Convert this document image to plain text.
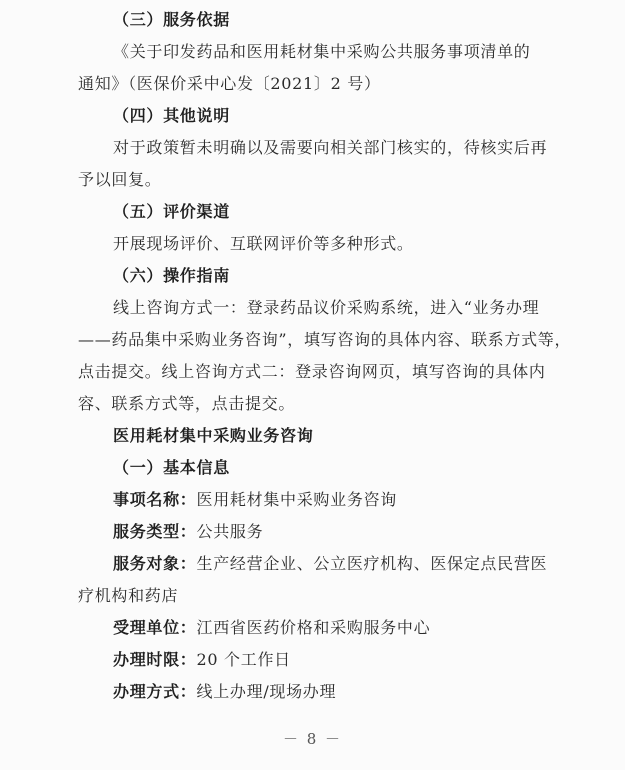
（三）服务依据
《关于印发药品和医用耗材集中采购公共服务事项清单的
通知》（医保价采中心发〔2021〕2 号）
（四）其他说明
对于政策暂未明确以及需要向相关部门核实的，待核实后再
予以回复。
（五）评价渠道
开展现场评价、互联网评价等多种形式。
（六）操作指南
线上咨询方式一：登录药品议价采购系统，进入“业务办理
——药品集中采购业务咨询”，填写咨询的具体内容、联系方式等，
点击提交。线上咨询方式二：登录咨询网页，填写咨询的具体内
容、联系方式等，点击提交。
医用耗材集中采购业务咨询
（一）基本信息
事项名称：医用耗材集中采购业务咨询
服务类型：公共服务
服务对象：生产经营企业、公立医疗机构、医保定点民营医
疗机构和药店
受理单位：江西省医药价格和采购服务中心
办理时限：20 个工作日
办理方式：线上办理/现场办理
－ 8 －
